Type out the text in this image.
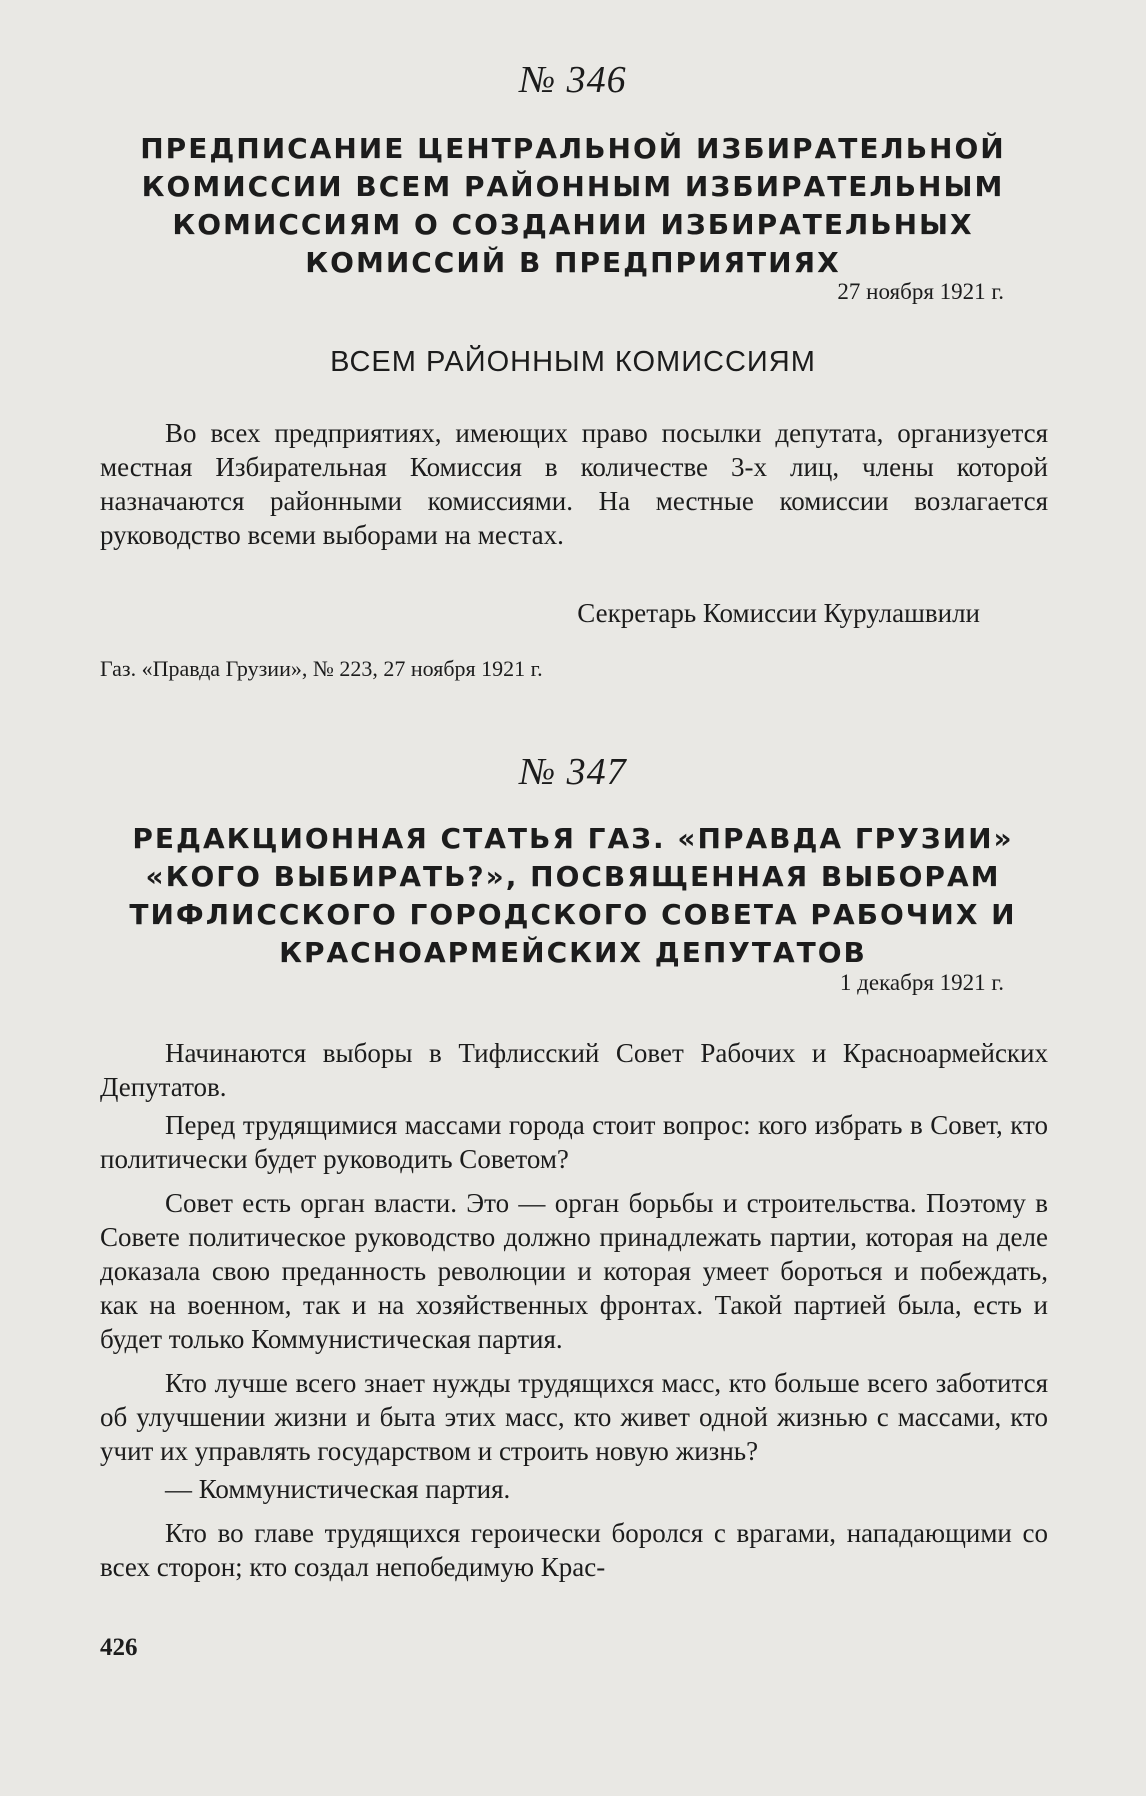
№ 346
ПРЕДПИСАНИЕ ЦЕНТРАЛЬНОЙ ИЗБИРАТЕЛЬНОЙ
КОМИССИИ ВСЕМ РАЙОННЫМ ИЗБИРАТЕЛЬНЫМ
КОМИССИЯМ О СОЗДАНИИ ИЗБИРАТЕЛЬНЫХ
КОМИССИЙ В ПРЕДПРИЯТИЯХ
27 ноября 1921 г.
ВСЕМ РАЙОННЫМ КОМИССИЯМ

Во всех предприятиях, имеющих право посылки депутата, организуется местная Избирательная Комиссия в количестве 3-х лиц, члены которой назначаются районными комиссиями. На местные комиссии возлагается руководство всеми выборами на местах.

Секретарь Комиссии Курулашвили
Газ. «Правда Грузии», № 223, 27 ноября 1921 г.
№ 347
РЕДАКЦИОННАЯ СТАТЬЯ ГАЗ. «ПРАВДА ГРУЗИИ»
«КОГО ВЫБИРАТЬ?», ПОСВЯЩЕННАЯ ВЫБОРАМ
ТИФЛИССКОГО ГОРОДСКОГО СОВЕТА РАБОЧИХ И
КРАСНОАРМЕЙСКИХ ДЕПУТАТОВ
1 декабря 1921 г.

Начинаются выборы в Тифлисский Совет Рабочих и Красноармейских Депутатов.

Перед трудящимися массами города стоит вопрос: кого избрать в Совет, кто политически будет руководить Советом?

Совет есть орган власти. Это — орган борьбы и строительства. Поэтому в Совете политическое руководство должно принадлежать партии, которая на деле доказала свою преданность революции и которая умеет бороться и побеждать, как на военном, так и на хозяйственных фронтах. Такой партией была, есть и будет только Коммунистическая партия.

Кто лучше всего знает нужды трудящихся масс, кто больше всего заботится об улучшении жизни и быта этих масс, кто живет одной жизнью с массами, кто учит их управлять государством и строить новую жизнь?

— Коммунистическая партия.

Кто во главе трудящихся героически боролся с врагами, нападающими со всех сторон; кто создал непобедимую Крас-

426
